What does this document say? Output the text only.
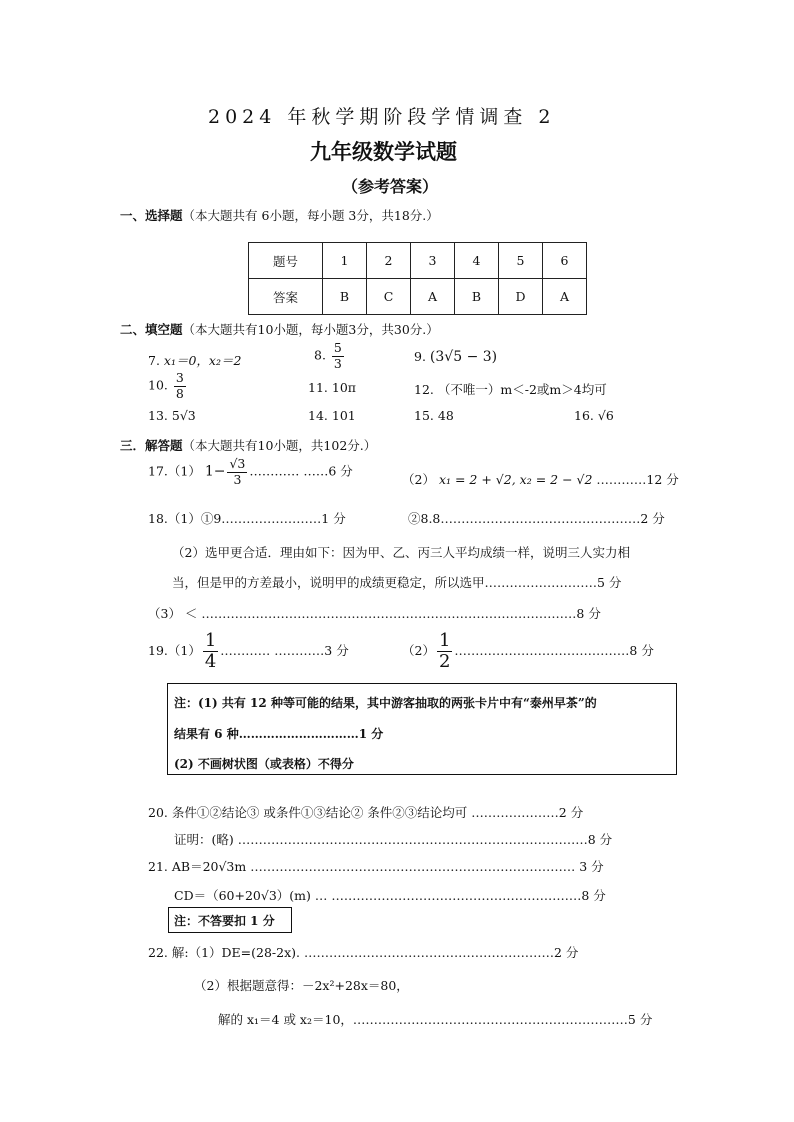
2024 年秋学期阶段学情调查 2
九年级数学试题
（参考答案）
一、选择题（本大题共有 6小题，每小题 3分，共18分.）
题号	1	2	3	4	5	6
答案	B	C	A	B	D	A
二、填空题（本大题共有10小题，每小题3分，共30分.）
7. x₁＝0，x₂＝2	8. $\frac{5}{3}$	9. (3√5 − 3)
10. $\frac{3}{8}$	11. 10π	12. （不唯一）m＜-2或m＞4均可
13. 5√3	14. 101	15. 48	16. √6
三．解答题（本大题共有10小题，共102分.）
17.（1） $1- \frac{√3}{3}$ ………… ……6 分
（2） x₁ = 2 + √2, x₂ = 2 − √2 …………12 分
18.（1）①9……………………1 分	②8.8…………………………………………2 分
（2）选甲更合适．理由如下：因为甲、乙、丙三人平均成绩一样，说明三人实力相
当，但是甲的方差最小，说明甲的成绩更稳定，所以选甲………………………5 分
（3） ＜ ………………………………………………………………………………8 分
$19.(1) \frac{1}{4}$ ………… …………3 分	$(2) \frac{1}{2}$ ……………………………………8 分
注：(1) 共有 12 种等可能的结果，其中游客抽取的两张卡片中有“泰州早茶”的
结果有 6 种…………………………1 分
(2) 不画树状图（或表格）不得分
20. 条件①②结论③ 或条件①③结论② 条件②③结论均可 …………………2 分
证明：(略) …………………………………………………………………………8 分
21. AB＝20√3m …………………………………………………………………… 3 分
CD＝（60+20√3）(m) … ……………………………………………………8 分
注：不答要扣 1 分
22. 解:（1）DE=(28-2x). ……………………………………………………2 分
（2）根据题意得：－2x²+28x＝80，
解的 x₁＝4 或 x₂＝10，…………………………………………………………5 分
